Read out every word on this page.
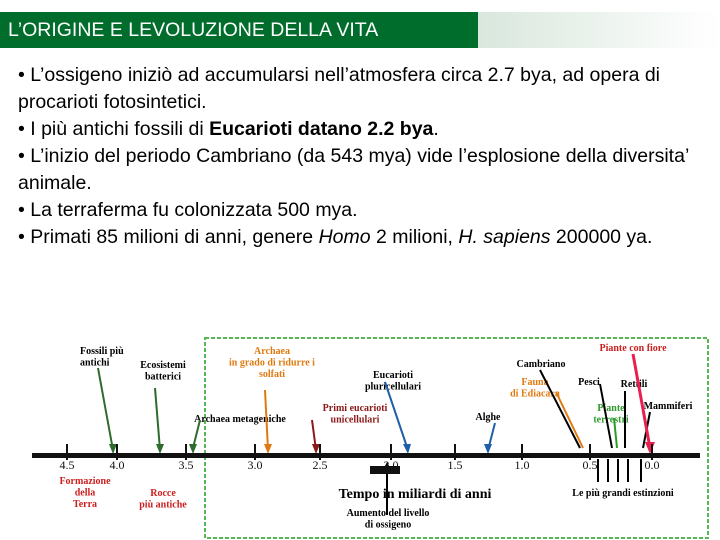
L’ORIGINE E LEVOLUZIONE DELLA VITA

• L’ossigeno iniziò ad accumularsi nell’atmosfera circa 2.7 bya, ad opera di procarioti fotosintetici.

• I più antichi fossili di Eucarioti datano 2.2 bya.

• L’inizio del periodo Cambriano (da 543 mya) vide l’esplosione della diversita’ animale.

• La terraferma fu colonizzata 500 mya.

• Primati 85 milioni di anni, genere Homo 2 milioni, H. sapiens 200000 ya.

Fossili più antichi	Ecosistemi batterici
Archaea in grado di ridurre i solfati	Eucarioti pluricellulari
Cambriano
Piante con fiore
Fauna di Ediacara
Pesci Rettili
Piante terrestri
Mammiferi
Archaea metageniche
Primi eucarioti unicellulari	Alghe
4.5	4.0	3.5	3.0	2.5	2.0	1.5	1.0	0.5	0.0
Formazione della Terra
Rocce più antiche
Tempo in miliardi di anni
Aumento del livello di ossigeno
Le più grandi estinzioni
